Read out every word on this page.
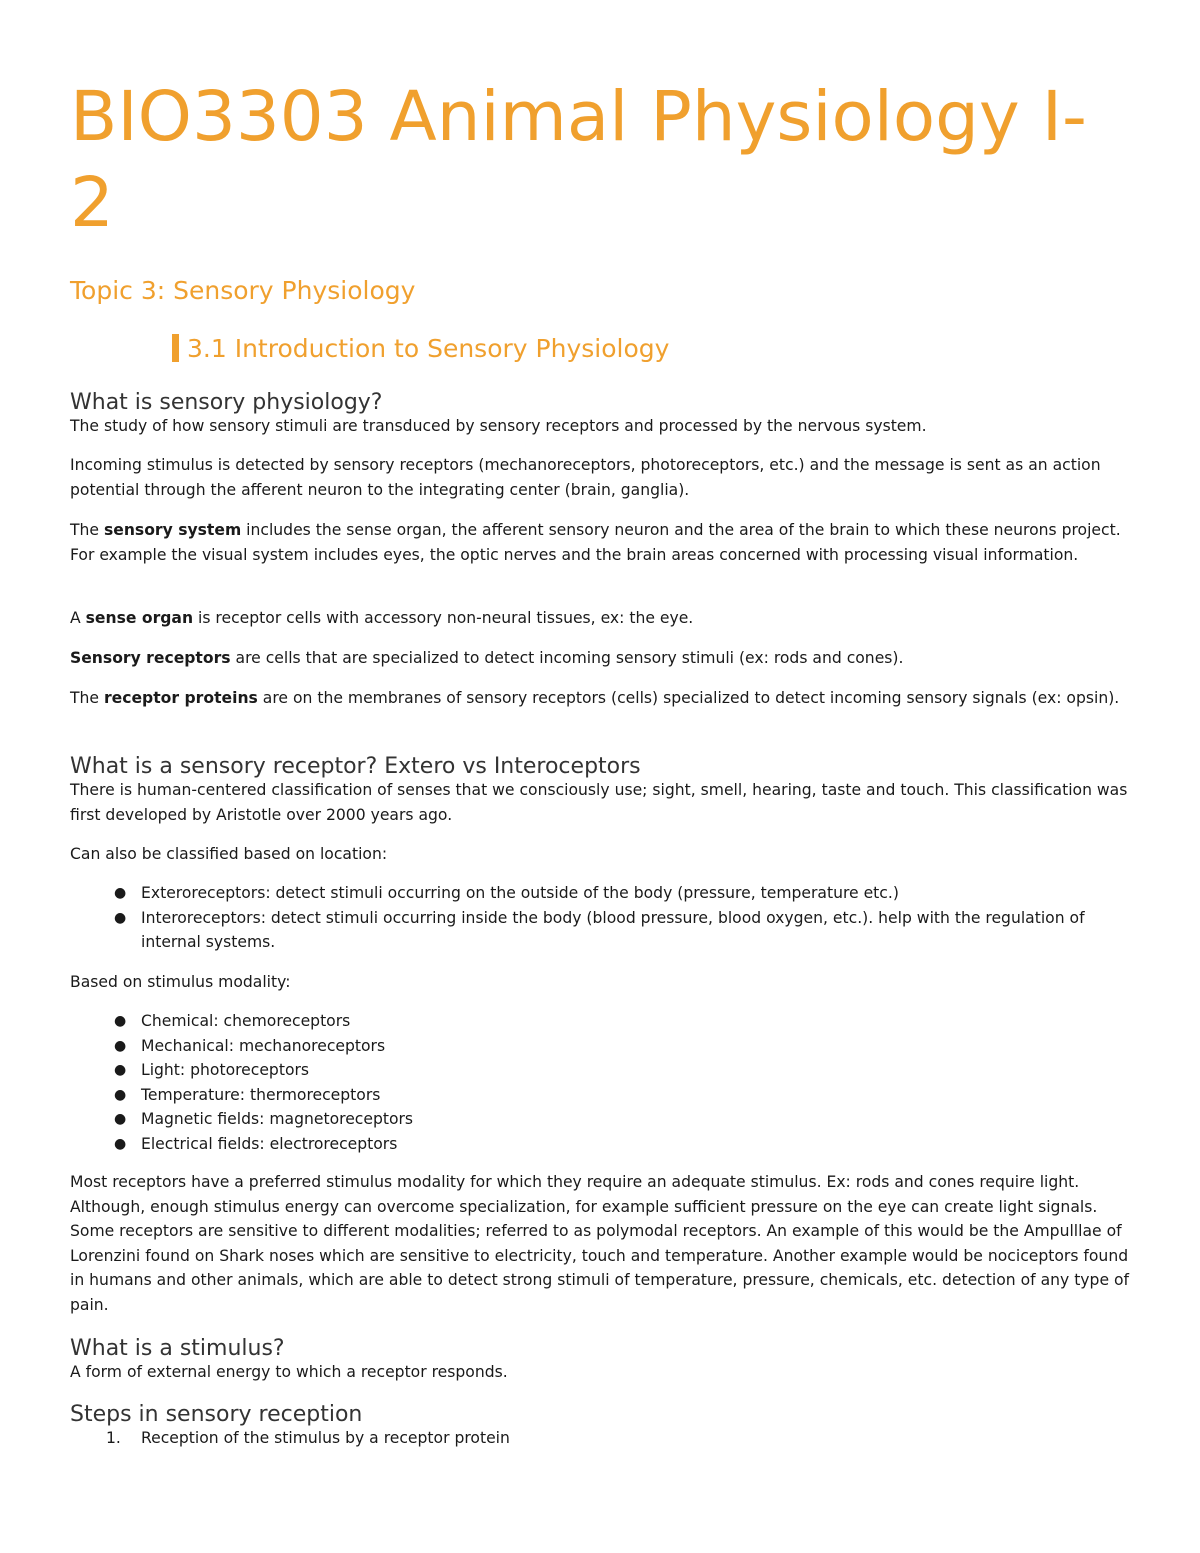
BIO3303 Animal Physiology I-2
Topic 3: Sensory Physiology
3.1 Introduction to Sensory Physiology
What is sensory physiology?

The study of how sensory stimuli are transduced by sensory receptors and processed by the nervous system.

Incoming stimulus is detected by sensory receptors (mechanoreceptors, photoreceptors, etc.) and the message is sent as an action potential through the afferent neuron to the integrating center (brain, ganglia).

The sensory system includes the sense organ, the afferent sensory neuron and the area of the brain to which these neurons project. For example the visual system includes eyes, the optic nerves and the brain areas concerned with processing visual information.

A sense organ is receptor cells with accessory non-neural tissues, ex: the eye.

Sensory receptors are cells that are specialized to detect incoming sensory stimuli (ex: rods and cones).

The receptor proteins are on the membranes of sensory receptors (cells) specialized to detect incoming sensory signals (ex: opsin).

What is a sensory receptor? Extero vs Interoceptors

There is human-centered classification of senses that we consciously use; sight, smell, hearing, taste and touch. This classification was first developed by Aristotle over 2000 years ago.

Can also be classified based on location:

● Exteroreceptors: detect stimuli occurring on the outside of the body (pressure, temperature etc.)
● Interoreceptors: detect stimuli occurring inside the body (blood pressure, blood oxygen, etc.). help with the regulation of internal systems.

Based on stimulus modality:

● Chemical: chemoreceptors
● Mechanical: mechanoreceptors
● Light: photoreceptors
● Temperature: thermoreceptors
● Magnetic fields: magnetoreceptors
● Electrical fields: electroreceptors

Most receptors have a preferred stimulus modality for which they require an adequate stimulus. Ex: rods and cones require light. Although, enough stimulus energy can overcome specialization, for example sufficient pressure on the eye can create light signals. Some receptors are sensitive to different modalities; referred to as polymodal receptors. An example of this would be the Ampulllae of Lorenzini found on Shark noses which are sensitive to electricity, touch and temperature. Another example would be nociceptors found in humans and other animals, which are able to detect strong stimuli of temperature, pressure, chemicals, etc. detection of any type of pain.

What is a stimulus?

A form of external energy to which a receptor responds.

Steps in sensory reception
1. Reception of the stimulus by a receptor protein
